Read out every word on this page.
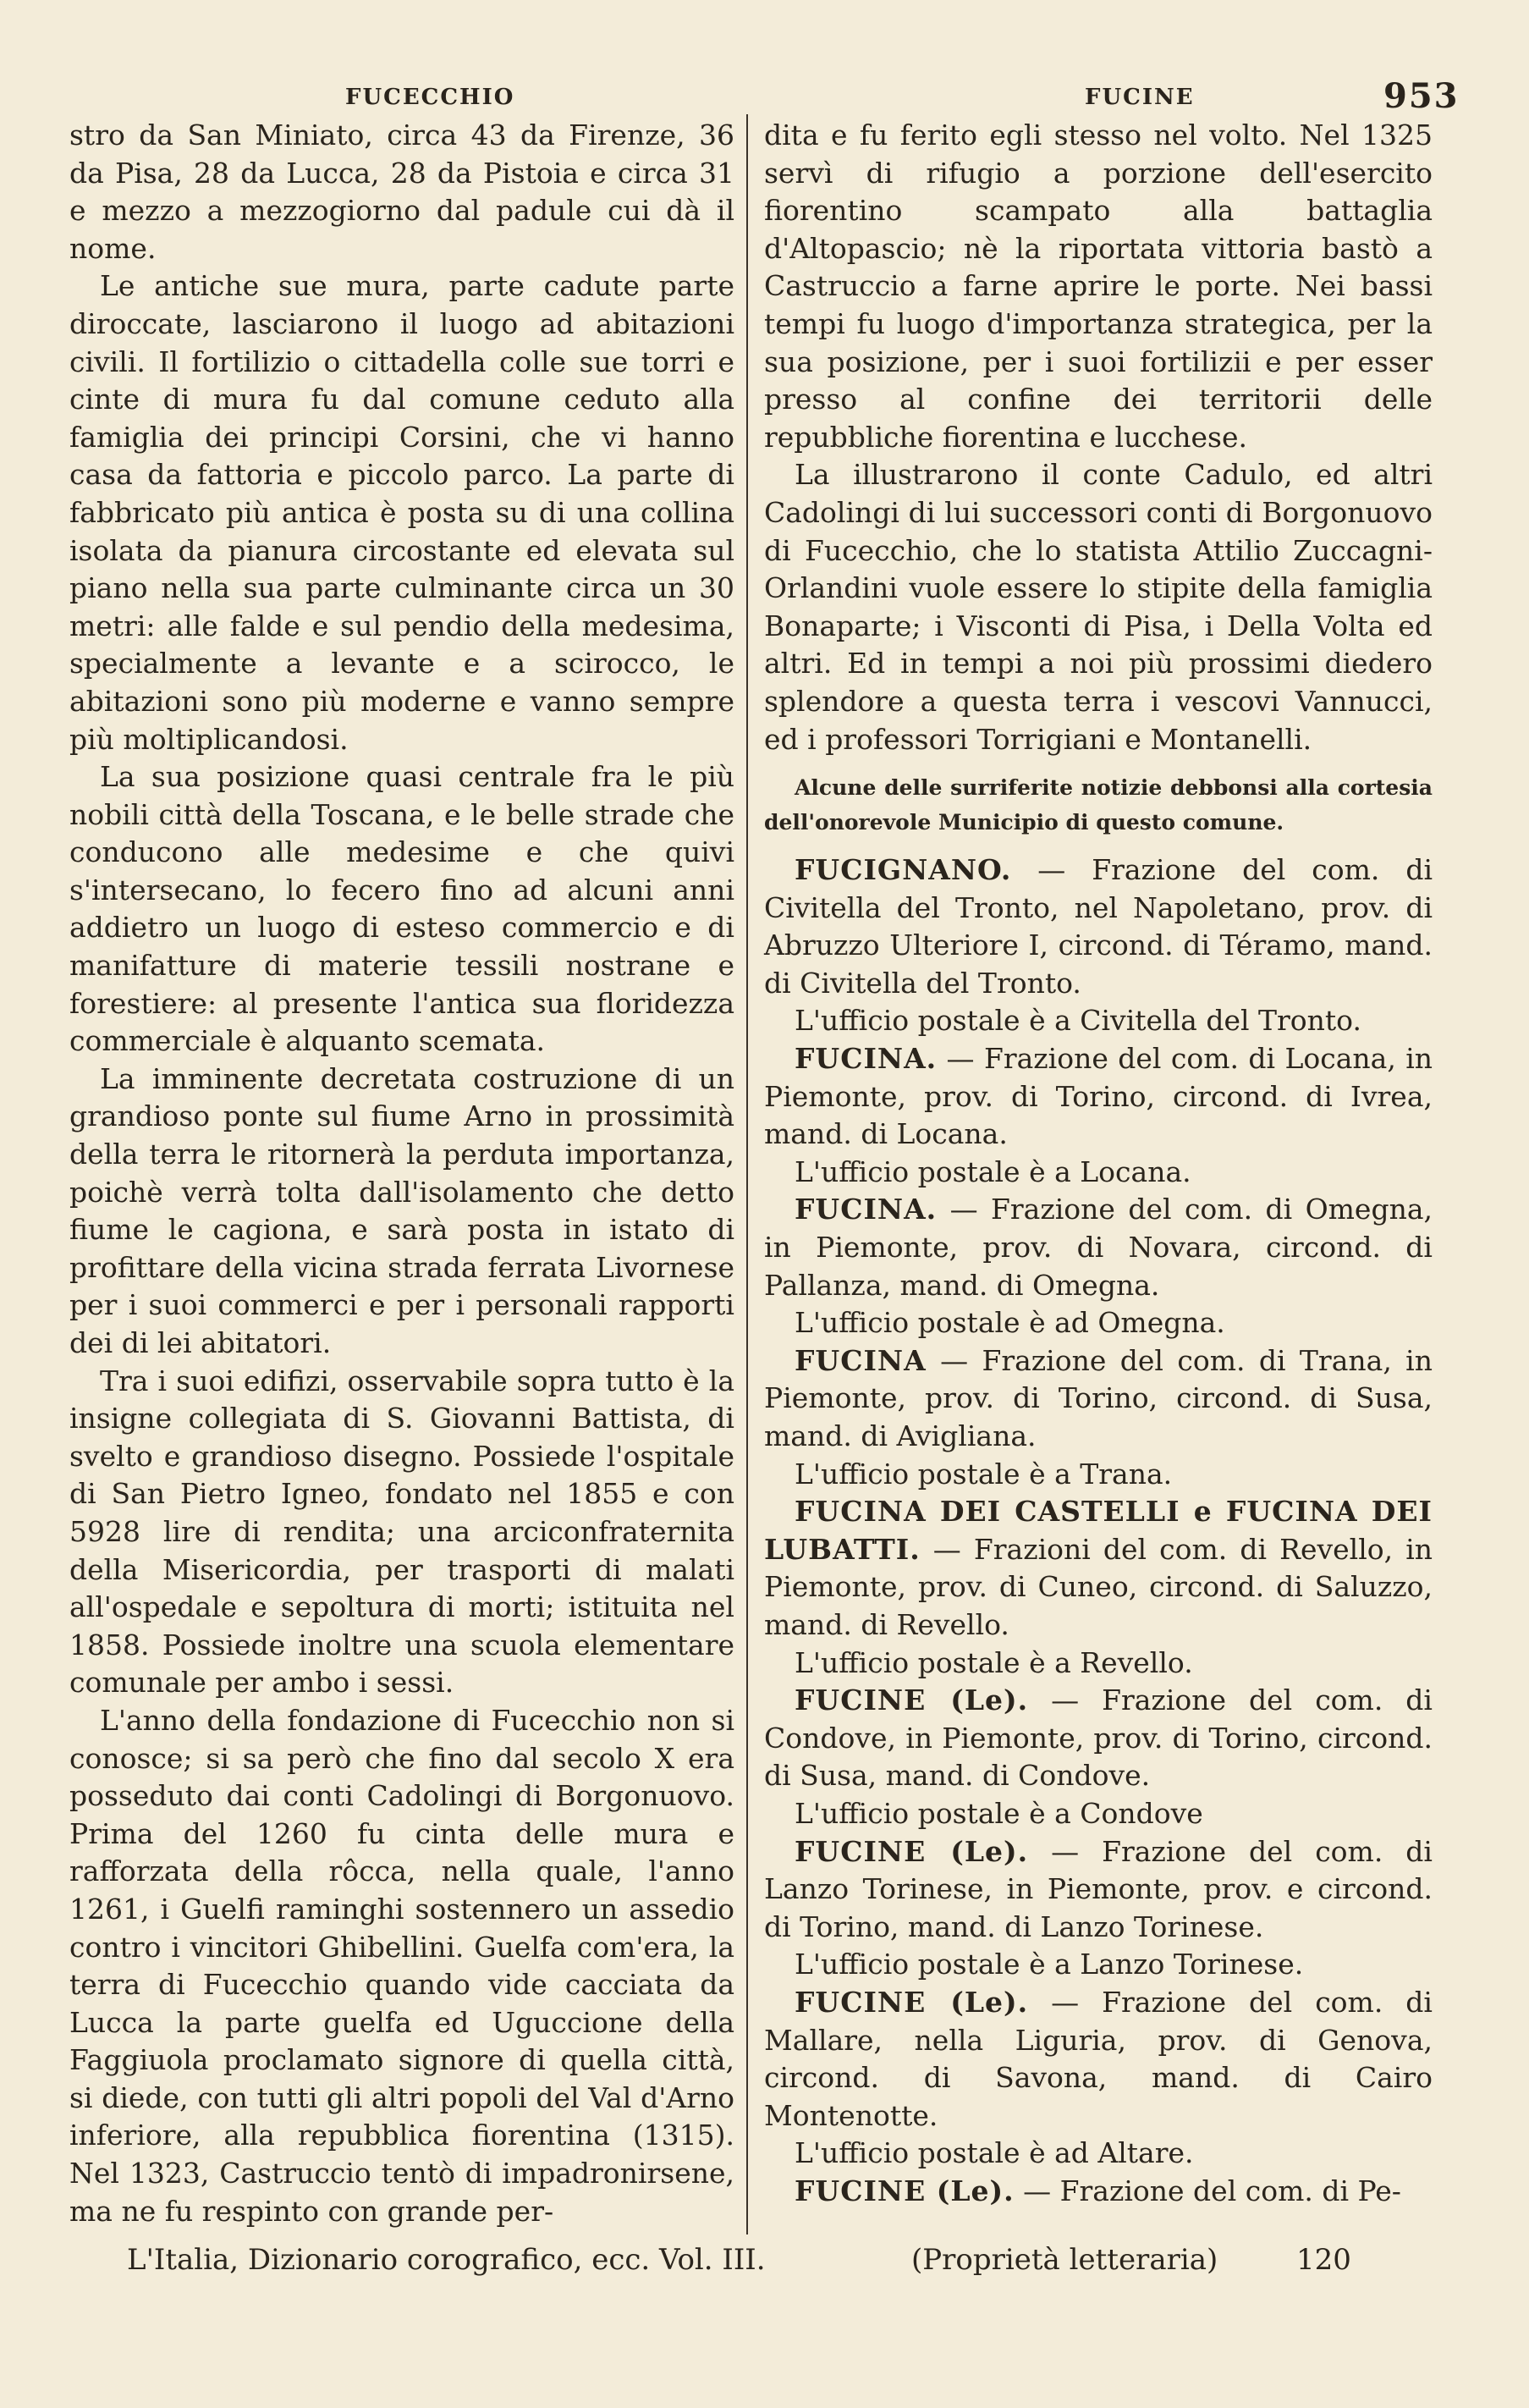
FUCECCHIO	FUCINE	953

stro da San Miniato, circa 43 da Firenze, 36 da Pisa, 28 da Lucca, 28 da Pistoia e circa 31 e mezzo a mezzogiorno dal padule cui dà il nome.

Le antiche sue mura, parte cadute parte diroccate, lasciarono il luogo ad abitazioni civili. Il fortilizio o cittadella colle sue torri e cinte di mura fu dal comune ceduto alla famiglia dei principi Corsini, che vi hanno casa da fattoria e piccolo parco. La parte di fabbricato più antica è posta su di una collina isolata da pianura circostante ed elevata sul piano nella sua parte culminante circa un 30 metri: alle falde e sul pendio della medesima, specialmente a levante e a scirocco, le abitazioni sono più moderne e vanno sempre più moltiplicandosi.

La sua posizione quasi centrale fra le più nobili città della Toscana, e le belle strade che conducono alle medesime e che quivi s'intersecano, lo fecero fino ad alcuni anni addietro un luogo di esteso commercio e di manifatture di materie tessili nostrane e forestiere: al presente l'antica sua floridezza commerciale è alquanto scemata.

La imminente decretata costruzione di un grandioso ponte sul fiume Arno in prossimità della terra le ritornerà la perduta importanza, poichè verrà tolta dall'isolamento che detto fiume le cagiona, e sarà posta in istato di profittare della vicina strada ferrata Livornese per i suoi commerci e per i personali rapporti dei di lei abitatori.

Tra i suoi edifizi, osservabile sopra tutto è la insigne collegiata di S. Giovanni Battista, di svelto e grandioso disegno. Possiede l'ospitale di San Pietro Igneo, fondato nel 1855 e con 5928 lire di rendita; una arciconfraternita della Misericordia, per trasporti di malati all'ospedale e sepoltura di morti; istituita nel 1858. Possiede inoltre una scuola elementare comunale per ambo i sessi.

L'anno della fondazione di Fucecchio non si conosce; si sa però che fino dal secolo X era posseduto dai conti Cadolingi di Borgonuovo. Prima del 1260 fu cinta delle mura e rafforzata della rôcca, nella quale, l'anno 1261, i Guelfi raminghi sostennero un assedio contro i vincitori Ghibellini. Guelfa com'era, la terra di Fucecchio quando vide cacciata da Lucca la parte guelfa ed Uguccione della Faggiuola proclamato signore di quella città, si diede, con tutti gli altri popoli del Val d'Arno inferiore, alla repubblica fiorentina (1315). Nel 1323, Castruccio tentò di impadronirsene, ma ne fu respinto con grande per-

dita e fu ferito egli stesso nel volto. Nel 1325 servì di rifugio a porzione dell'esercito fiorentino scampato alla battaglia d'Altopascio; nè la riportata vittoria bastò a Castruccio a farne aprire le porte. Nei bassi tempi fu luogo d'importanza strategica, per la sua posizione, per i suoi fortilizii e per esser presso al confine dei territorii delle repubbliche fiorentina e lucchese.

La illustrarono il conte Cadulo, ed altri Cadolingi di lui successori conti di Borgonuovo di Fucecchio, che lo statista Attilio Zuccagni-Orlandini vuole essere lo stipite della famiglia Bonaparte; i Visconti di Pisa, i Della Volta ed altri. Ed in tempi a noi più prossimi diedero splendore a questa terra i vescovi Vannucci, ed i professori Torrigiani e Montanelli.

Alcune delle surriferite notizie debbonsi alla cortesia dell'onorevole Municipio di questo comune.

FUCIGNANO. — Frazione del com. di Civitella del Tronto, nel Napoletano, prov. di Abruzzo Ulteriore I, circond. di Téramo, mand. di Civitella del Tronto.

L'ufficio postale è a Civitella del Tronto.

FUCINA. — Frazione del com. di Locana, in Piemonte, prov. di Torino, circond. di Ivrea, mand. di Locana.

L'ufficio postale è a Locana.

FUCINA. — Frazione del com. di Omegna, in Piemonte, prov. di Novara, circond. di Pallanza, mand. di Omegna.

L'ufficio postale è ad Omegna.

FUCINA — Frazione del com. di Trana, in Piemonte, prov. di Torino, circond. di Susa, mand. di Avigliana.

L'ufficio postale è a Trana.

FUCINA DEI CASTELLI e FUCINA DEI LUBATTI. — Frazioni del com. di Revello, in Piemonte, prov. di Cuneo, circond. di Saluzzo, mand. di Revello.

L'ufficio postale è a Revello.

FUCINE (Le). — Frazione del com. di Condove, in Piemonte, prov. di Torino, circond. di Susa, mand. di Condove.

L'ufficio postale è a Condove

FUCINE (Le). — Frazione del com. di Lanzo Torinese, in Piemonte, prov. e circond. di Torino, mand. di Lanzo Torinese.

L'ufficio postale è a Lanzo Torinese.

FUCINE (Le). — Frazione del com. di Mallare, nella Liguria, prov. di Genova, circond. di Savona, mand. di Cairo Montenotte.

L'ufficio postale è ad Altare.

FUCINE (Le). — Frazione del com. di Pe-

L'Italia, Dizionario corografico, ecc. Vol. III.	(Proprietà letteraria)	120
